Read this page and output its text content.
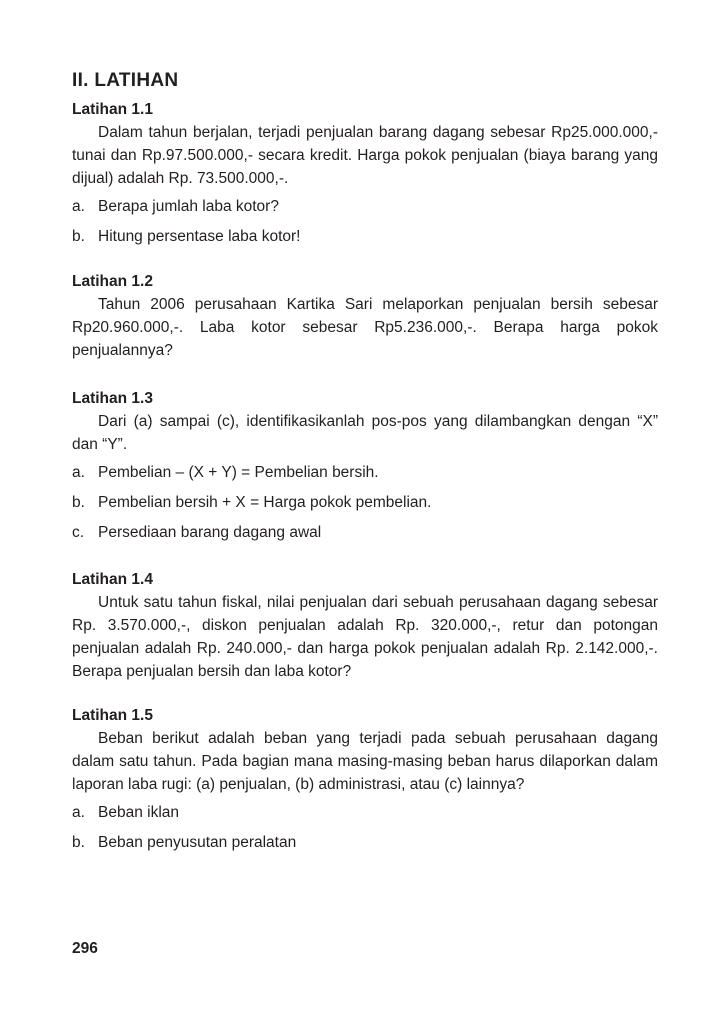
II. LATIHAN
Latihan 1.1

Dalam tahun berjalan, terjadi penjualan barang dagang sebesar Rp25.000.000,- tunai dan Rp.97.500.000,- secara kredit. Harga pokok penjualan (biaya barang yang dijual) adalah Rp. 73.500.000,-.

a. Berapa jumlah laba kotor?
b. Hitung persentase laba kotor!
Latihan 1.2

Tahun 2006 perusahaan Kartika Sari melaporkan penjualan bersih sebesar Rp20.960.000,-. Laba kotor sebesar Rp5.236.000,-. Berapa harga pokok penjualannya?

Latihan 1.3

Dari (a) sampai (c), identifikasikanlah pos-pos yang dilambangkan dengan “X” dan “Y”.

a. Pembelian – (X + Y) = Pembelian bersih.
b. Pembelian bersih + X = Harga pokok pembelian.
c. Persediaan barang dagang awal
Latihan 1.4

Untuk satu tahun fiskal, nilai penjualan dari sebuah perusahaan dagang sebesar Rp. 3.570.000,-, diskon penjualan adalah Rp. 320.000,-, retur dan potongan penjualan adalah Rp. 240.000,- dan harga pokok penjualan adalah Rp. 2.142.000,-. Berapa penjualan bersih dan laba kotor?

Latihan 1.5

Beban berikut adalah beban yang terjadi pada sebuah perusahaan dagang dalam satu tahun. Pada bagian mana masing-masing beban harus dilaporkan dalam laporan laba rugi: (a) penjualan, (b) administrasi, atau (c) lainnya?

a. Beban iklan
b. Beban penyusutan peralatan
296
